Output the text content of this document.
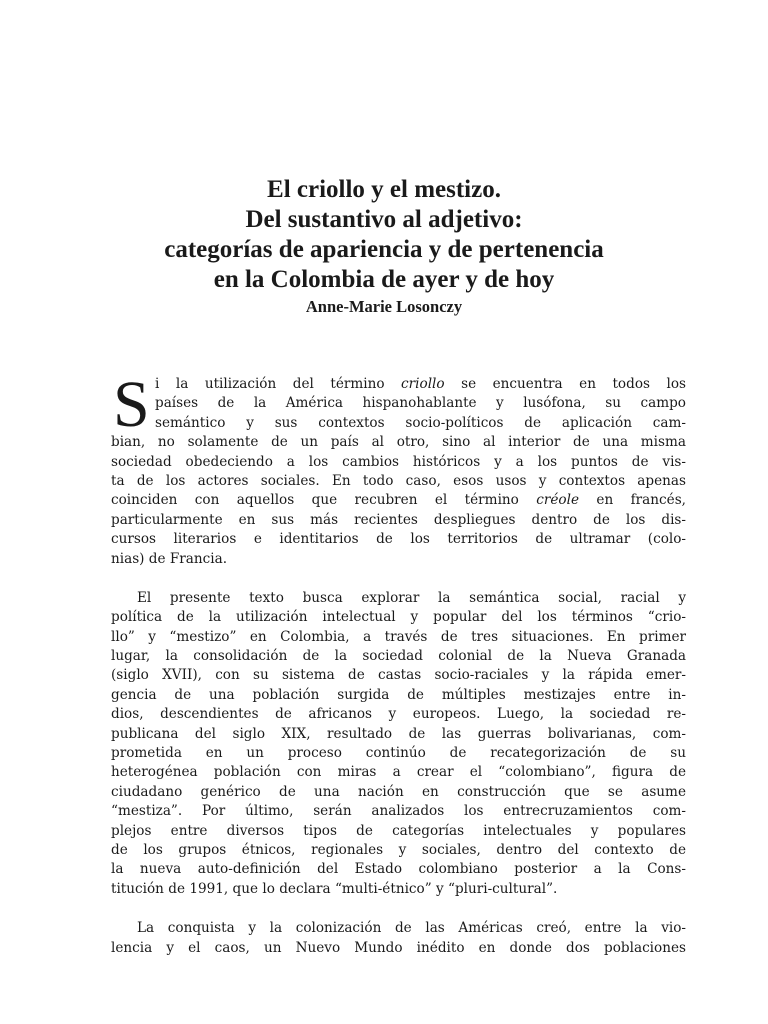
El criollo y el mestizo.
Del sustantivo al adjetivo:
categorías de apariencia y de pertenencia
en la Colombia de ayer y de hoy
Anne-Marie Losonczy
S i la utilización del término criollo se encuentra en todos los
países de la América hispanohablante y lusófona, su campo
semántico y sus contextos socio-políticos de aplicación cam-
bian, no solamente de un país al otro, sino al interior de una misma
sociedad obedeciendo a los cambios históricos y a los puntos de vis-
ta de los actores sociales. En todo caso, esos usos y contextos apenas
coinciden con aquellos que recubren el término créole en francés,
particularmente en sus más recientes despliegues dentro de los dis-
cursos literarios e identitarios de los territorios de ultramar (colo-
nias) de Francia.
El presente texto busca explorar la semántica social, racial y
política de la utilización intelectual y popular del los términos “crio-
llo” y “mestizo” en Colombia, a través de tres situaciones. En primer
lugar, la consolidación de la sociedad colonial de la Nueva Granada
(siglo XVII), con su sistema de castas socio-raciales y la rápida emer-
gencia de una población surgida de múltiples mestizajes entre in-
dios, descendientes de africanos y europeos. Luego, la sociedad re-
publicana del siglo XIX, resultado de las guerras bolivarianas, com-
prometida en un proceso continúo de recategorización de su
heterogénea población con miras a crear el “colombiano”, figura de
ciudadano genérico de una nación en construcción que se asume
“mestiza”. Por último, serán analizados los entrecruzamientos com-
plejos entre diversos tipos de categorías intelectuales y populares
de los grupos étnicos, regionales y sociales, dentro del contexto de
la nueva auto-definición del Estado colombiano posterior a la Cons-
titución de 1991, que lo declara “multi-étnico” y “pluri-cultural”.
La conquista y la colonización de las Américas creó, entre la vio-
lencia y el caos, un Nuevo Mundo inédito en donde dos poblaciones
